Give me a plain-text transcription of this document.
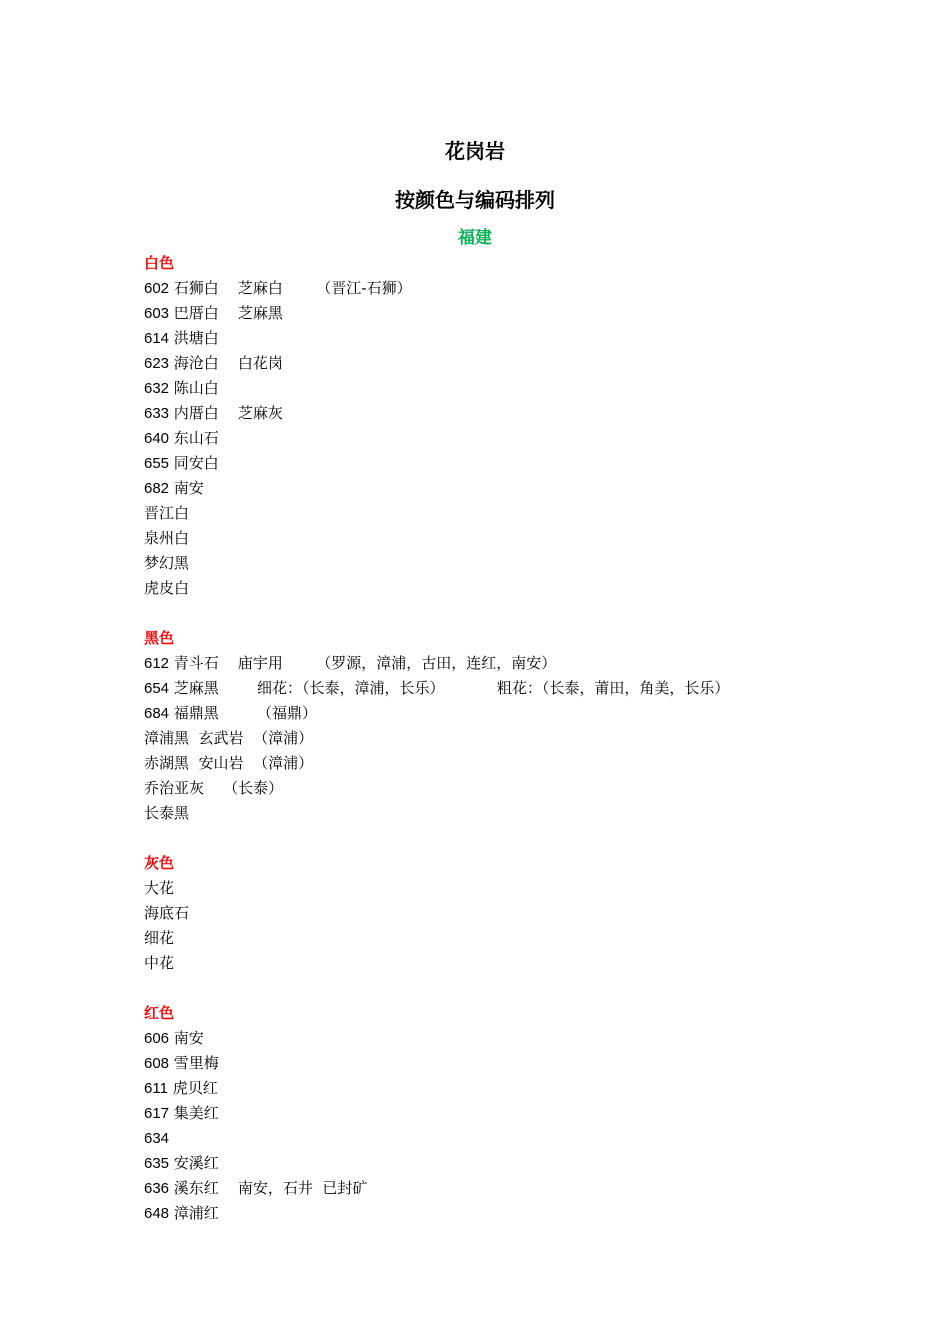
花岗岩
按颜色与编码排列
福建
白色
602 石狮白    芝麻白       （晋江-石狮）
603 巴厝白    芝麻黑
614 洪塘白
623 海沧白    白花岗
632 陈山白
633 内厝白    芝麻灰
640 东山石
655 同安白
682 南安
晋江白
泉州白
梦幻黑
虎皮白
黑色
612 青斗石    庙宇用       （罗源，漳浦，古田，连红，南安）
654 芝麻黑        细花：（长泰，漳浦，长乐）           粗花：（长泰，莆田，角美，长乐）
684 福鼎黑        （福鼎）
漳浦黑  玄武岩  （漳浦）
赤湖黑  安山岩  （漳浦）
乔治亚灰    （长泰）
长泰黑
灰色
大花
海底石
细花
中花
红色
606 南安
608 雪里梅
611 虎贝红
617 集美红
634
635 安溪红
636 溪东红    南安，石井  已封矿
648 漳浦红
